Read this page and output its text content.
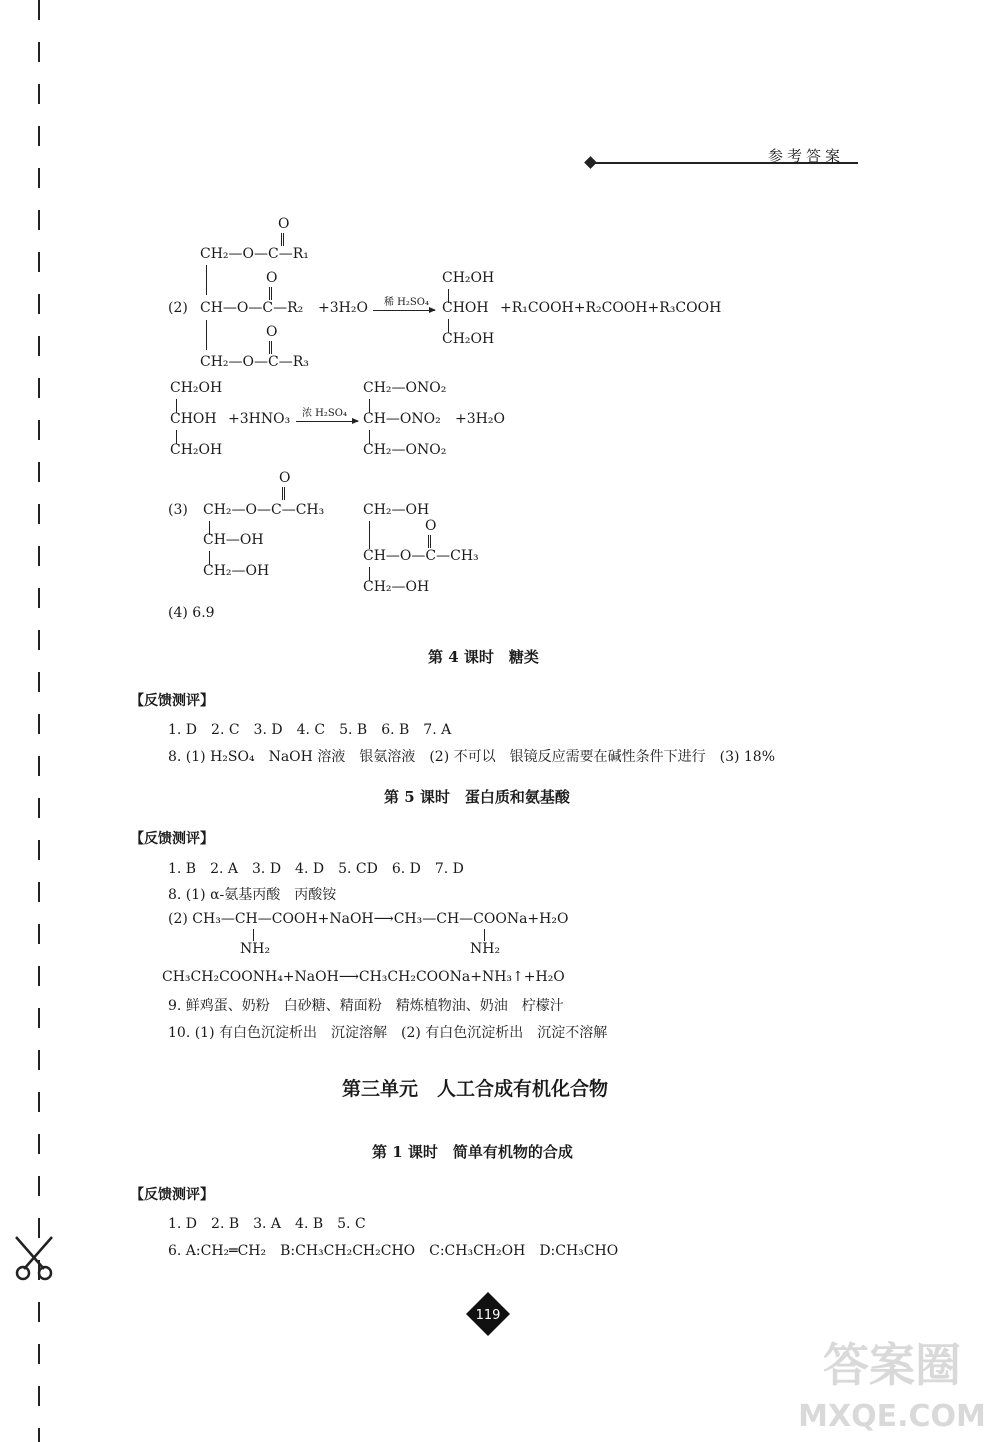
参考答案
O
CH₂—O—C—R₁
(2)
O
CH—O—C—R₂
O
CH₂—O—C—R₃
+3H₂O 稀 H₂SO₄
CH₂OH
CHOH
CH₂OH
+R₁COOH+R₂COOH+R₃COOH
CH₂OH
CHOH
CH₂OH
+3HNO₃ 浓 H₂SO₄
CH₂—ONO₂
CH—ONO₂
CH₂—ONO₂
+3H₂O
O
(3) CH₂—O—C—CH₃
CH—OH
CH₂—OH
CH₂—OH
O
CH—O—C—CH₃
CH₂—OH
(4) 6.9
第 4 课时　糖类
【反馈测评】
1. D　2. C　3. D　4. C　5. B　6. B　7. A
8. (1) H₂SO₄　NaOH 溶液　银氨溶液　(2) 不可以　银镜反应需要在碱性条件下进行　(3) 18%
第 5 课时　蛋白质和氨基酸
【反馈测评】
1. B　2. A　3. D　4. D　5. CD　6. D　7. D
8. (1) α-氨基丙酸　丙酸铵
(2) CH₃—CH—COOH+NaOH⟶CH₃—CH—COONa+H₂O
NH₂	NH₂
CH₃CH₂COONH₄+NaOH⟶CH₃CH₂COONa+NH₃↑+H₂O
9. 鲜鸡蛋、奶粉　白砂糖、精面粉　精炼植物油、奶油　柠檬汁
10. (1) 有白色沉淀析出　沉淀溶解　(2) 有白色沉淀析出　沉淀不溶解
第三单元　人工合成有机化合物
第 1 课时　简单有机物的合成
【反馈测评】
1. D　2. B　3. A　4. B　5. C
6. A:CH₂═CH₂　B:CH₃CH₂CH₂CHO　C:CH₃CH₂OH　D:CH₃CHO
119
答案圈
MXQE.COM
